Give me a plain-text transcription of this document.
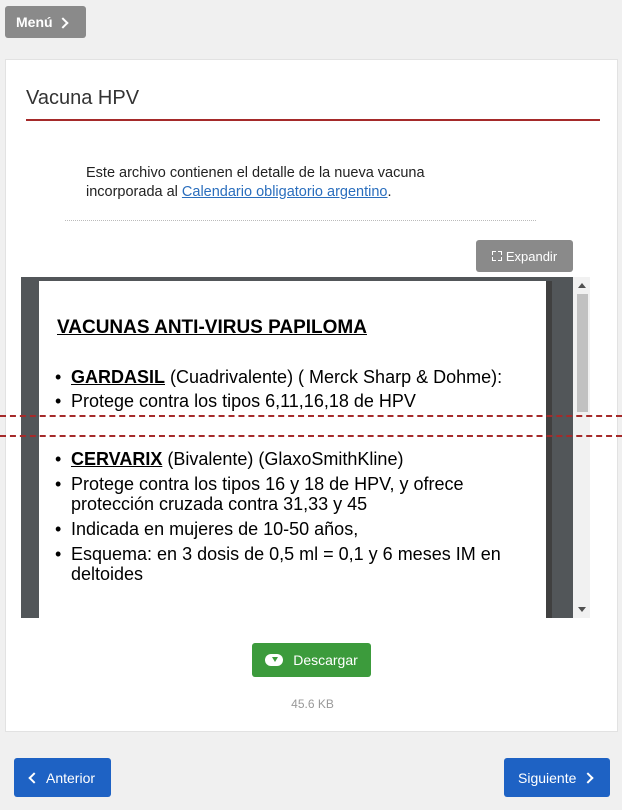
Menú
Vacuna HPV
Este archivo contienen el detalle de la nueva vacuna incorporada al Calendario obligatorio argentino.
Expandir
VACUNAS ANTI-VIRUS PAPILOMA
• GARDASIL (Cuadrivalente) ( Merck Sharp & Dohme):
• Protege contra los tipos 6,11,16,18 de HPV
• CERVARIX (Bivalente) (GlaxoSmithKline)
• Protege contra los tipos 16 y 18 de HPV, y ofrece protección cruzada contra 31,33 y 45
• Indicada en mujeres de 10-50 años,
• Esquema: en 3 dosis de 0,5 ml = 0,1 y 6 meses IM en deltoides
Descargar
45.6 KB
Anterior	Siguiente
